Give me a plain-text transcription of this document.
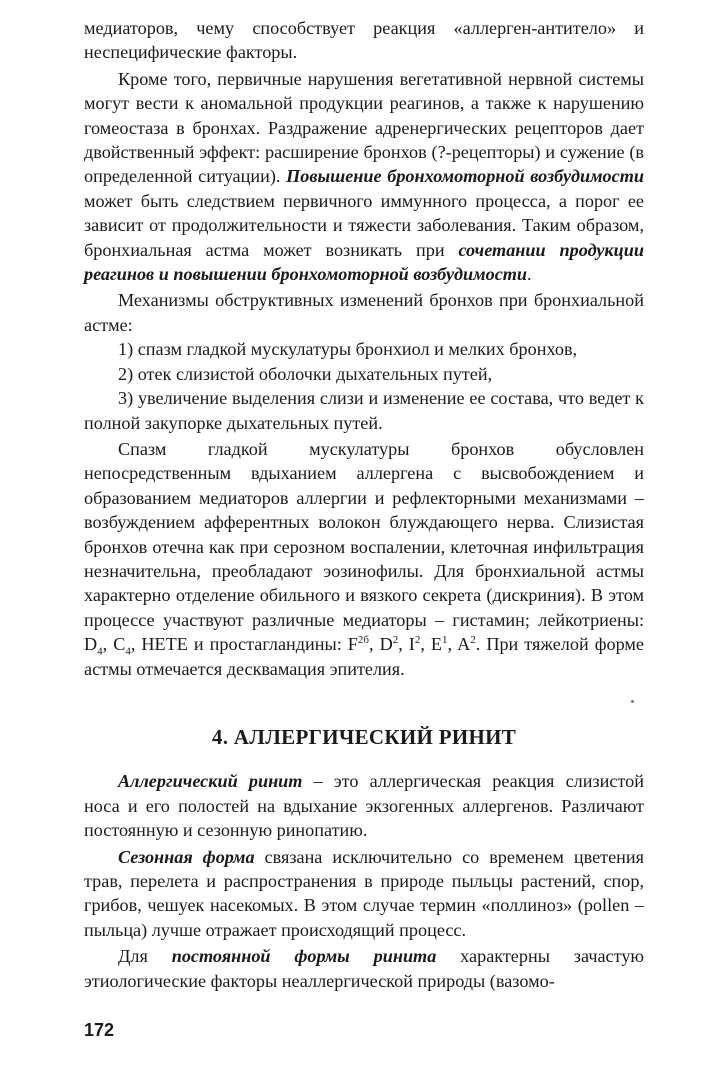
медиаторов, чему способствует реакция «аллерген-антитело» и неспецифические факторы.

Кроме того, первичные нарушения вегетативной нервной системы могут вести к аномальной продукции реагинов, а также к нарушению гомеостаза в бронхах. Раздражение адренергических рецепторов дает двойственный эффект: расширение бронхов (?-рецепторы) и сужение (в определенной ситуации). Повышение бронхомоторной возбудимости может быть следствием первичного иммунного процесса, а порог ее зависит от продолжительности и тяжести заболевания. Таким образом, бронхиальная астма может возникать при сочетании продукции реагинов и повышении бронхомоторной возбудимости.

Механизмы обструктивных изменений бронхов при бронхиальной астме:

1) спазм гладкой мускулатуры бронхиол и мелких бронхов,

2) отек слизистой оболочки дыхательных путей,

3) увеличение выделения слизи и изменение ее состава, что ведет к полной закупорке дыхательных путей.

Спазм гладкой мускулатуры бронхов обусловлен непосредственным вдыханием аллергена с высвобождением и образованием медиаторов аллергии и рефлекторными механизмами – возбуждением афферентных волокон блуждающего нерва. Слизистая бронхов отечна как при серозном воспалении, клеточная инфильтрация незначительна, преобладают эозинофилы. Для бронхиальной астмы характерно отделение обильного и вязкого секрета (дискриния). В этом процессе участвуют различные медиаторы – гистамин; лейкотриены: $D_4$, $C_4$, HETE и простагландины: $F^{2б}$, $D^2$, $I^2$, $E^1$, $A^2$. При тяжелой форме астмы отмечается десквамация эпителия.

4. АЛЛЕРГИЧЕСКИЙ РИНИТ

Аллергический ринит – это аллергическая реакция слизистой носа и его полостей на вдыхание экзогенных аллергенов. Различают постоянную и сезонную ринопатию.

Сезонная форма связана исключительно со временем цветения трав, перелета и распространения в природе пыльцы растений, спор, грибов, чешуек насекомых. В этом случае термин «поллиноз» (pollen – пыльца) лучше отражает происходящий процесс.

Для постоянной формы ринита характерны зачастую этиологические факторы неаллергической природы (вазомо-

172
